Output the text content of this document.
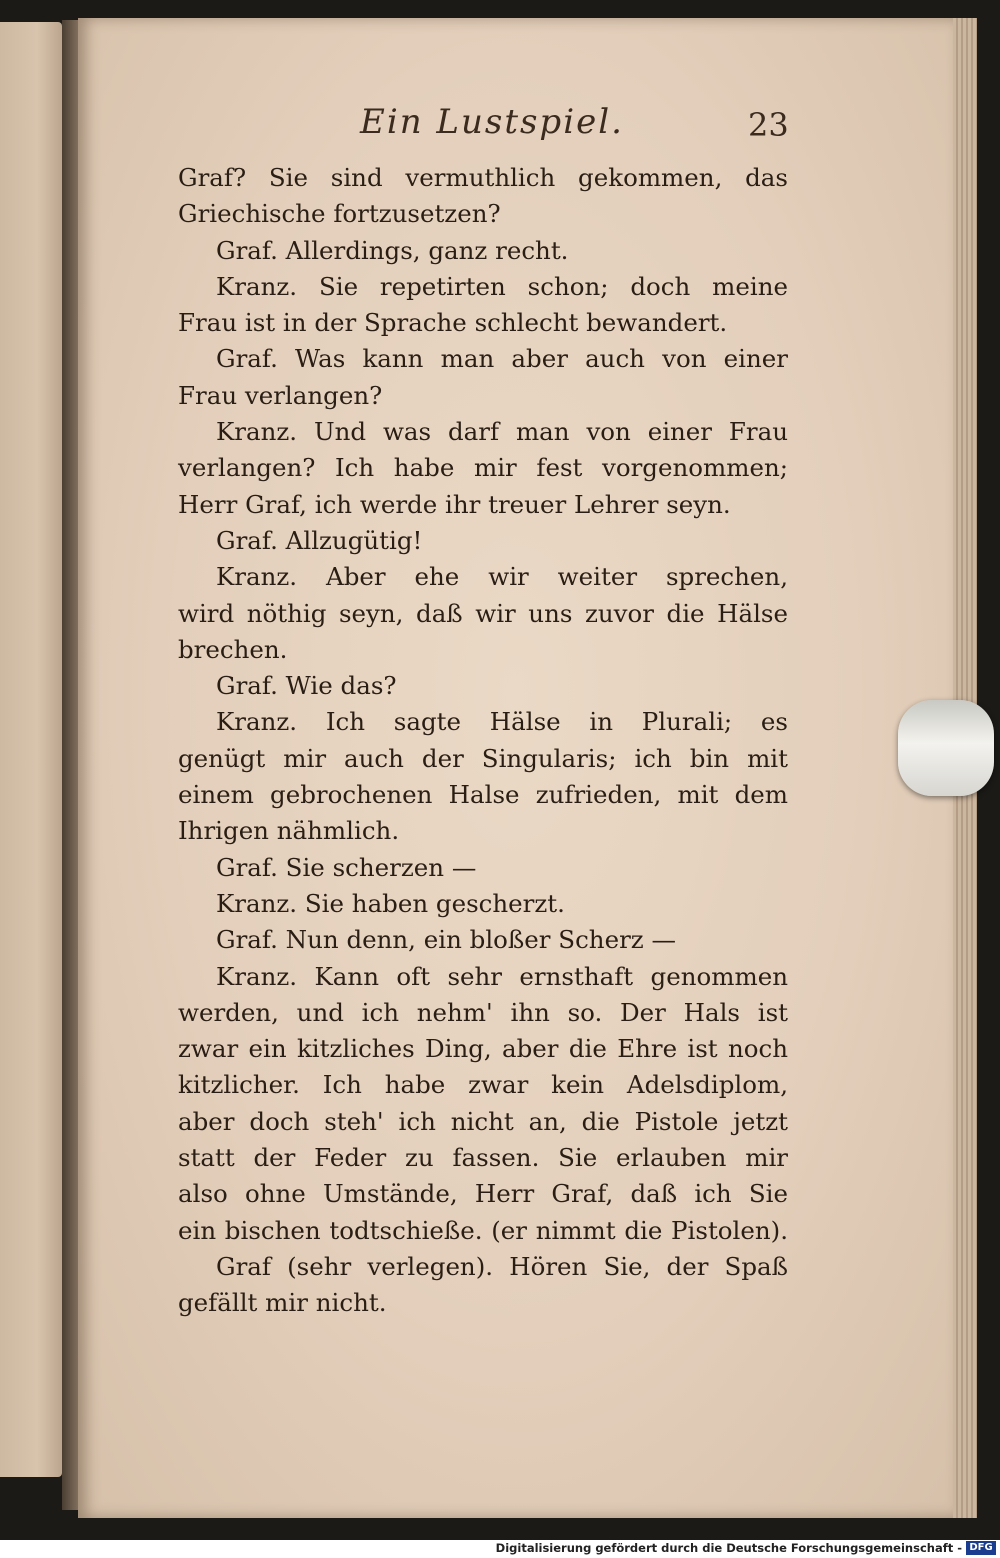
Ein Lustspiel.	23
Graf? Sie sind vermuthlich gekommen, das
Griechische fortzusetzen?
Graf. Allerdings, ganz recht.
Kranz. Sie repetirten schon; doch meine
Frau ist in der Sprache schlecht bewandert.
Graf. Was kann man aber auch von einer
Frau verlangen?
Kranz. Und was darf man von einer Frau
verlangen? Ich habe mir fest vorgenommen;
Herr Graf, ich werde ihr treuer Lehrer seyn.
Graf. Allzugütig!
Kranz. Aber ehe wir weiter sprechen,
wird nöthig seyn, daß wir uns zuvor die Hälse
brechen.
Graf. Wie das?
Kranz. Ich sagte Hälse in Plurali; es
genügt mir auch der Singularis; ich bin mit
einem gebrochenen Halse zufrieden, mit dem
Ihrigen nähmlich.
Graf. Sie scherzen —
Kranz. Sie haben gescherzt.
Graf. Nun denn, ein bloßer Scherz —
Kranz. Kann oft sehr ernsthaft genommen
werden, und ich nehm' ihn so. Der Hals ist
zwar ein kitzliches Ding, aber die Ehre ist noch
kitzlicher. Ich habe zwar kein Adelsdiplom,
aber doch steh' ich nicht an, die Pistole jetzt
statt der Feder zu fassen. Sie erlauben mir
also ohne Umstände, Herr Graf, daß ich Sie
ein bischen todtschieße. (er nimmt die Pistolen).
Graf (sehr verlegen). Hören Sie, der Spaß
gefällt mir nicht.
Digitalisierung gefördert durch die Deutsche Forschungsgemeinschaft - DFG
